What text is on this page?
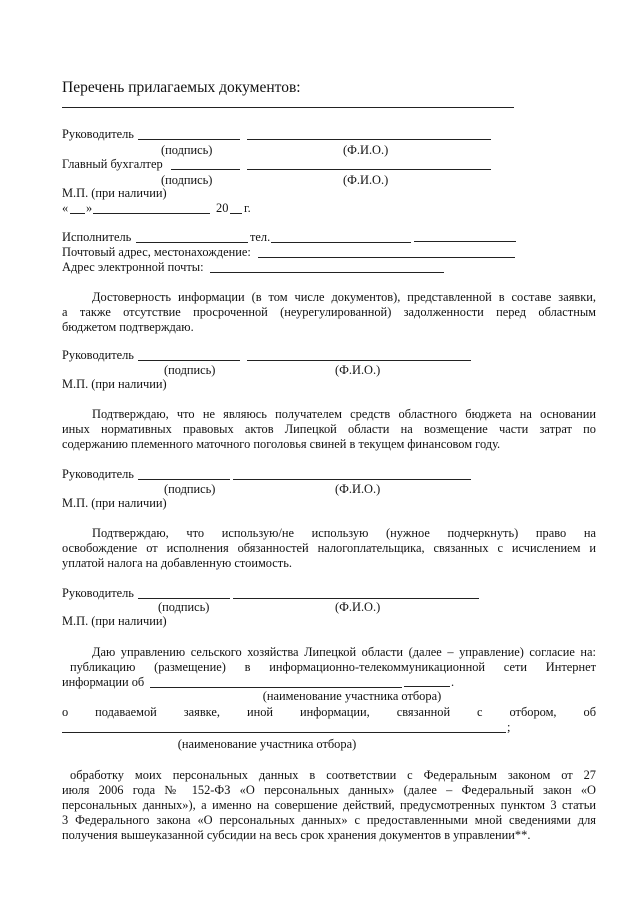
Перечень прилагаемых документов:
Руководитель
(подпись)	(Ф.И.О.)
Главный бухгалтер
(подпись)	(Ф.И.О.)
М.П. (при наличии)
« »	20 г.
Исполнитель	тел.
Почтовый адрес, местонахождение:
Адрес электронной почты:
Достоверность информации (в том числе документов), представленной в составе заявки,
а также отсутствие просроченной (неурегулированной) задолженности перед областным
бюджетом подтверждаю.
Руководитель
(подпись)	(Ф.И.О.)
М.П. (при наличии)
Подтверждаю, что не являюсь получателем средств областного бюджета на основании
иных нормативных правовых актов Липецкой области на возмещение части затрат по
содержанию племенного маточного поголовья свиней в текущем финансовом году.
Руководитель
(подпись)	(Ф.И.О.)
М.П. (при наличии)
Подтверждаю, что использую/не использую (нужное подчеркнуть) право на
освобождение от исполнения обязанностей налогоплательщика, связанных с исчислением и
уплатой налога на добавленную стоимость.
Руководитель
(подпись)	(Ф.И.О.)
М.П. (при наличии)
Даю управлению сельского хозяйства Липецкой области (далее – управление) согласие на:
публикацию (размещение) в информационно-телекоммуникационной сети Интернет
информации об	.
(наименование участника отбора)
о подаваемой заявке, иной информации, связанной с отбором, об
;
(наименование участника отбора)
обработку моих персональных данных в соответствии с Федеральным законом от 27
июля 2006 года № 152-ФЗ «О персональных данных» (далее – Федеральный закон «О
персональных данных»), а именно на совершение действий, предусмотренных пунктом 3 статьи
3 Федерального закона «О персональных данных» с предоставленными мной сведениями для
получения вышеуказанной субсидии на весь срок хранения документов в управлении**.
